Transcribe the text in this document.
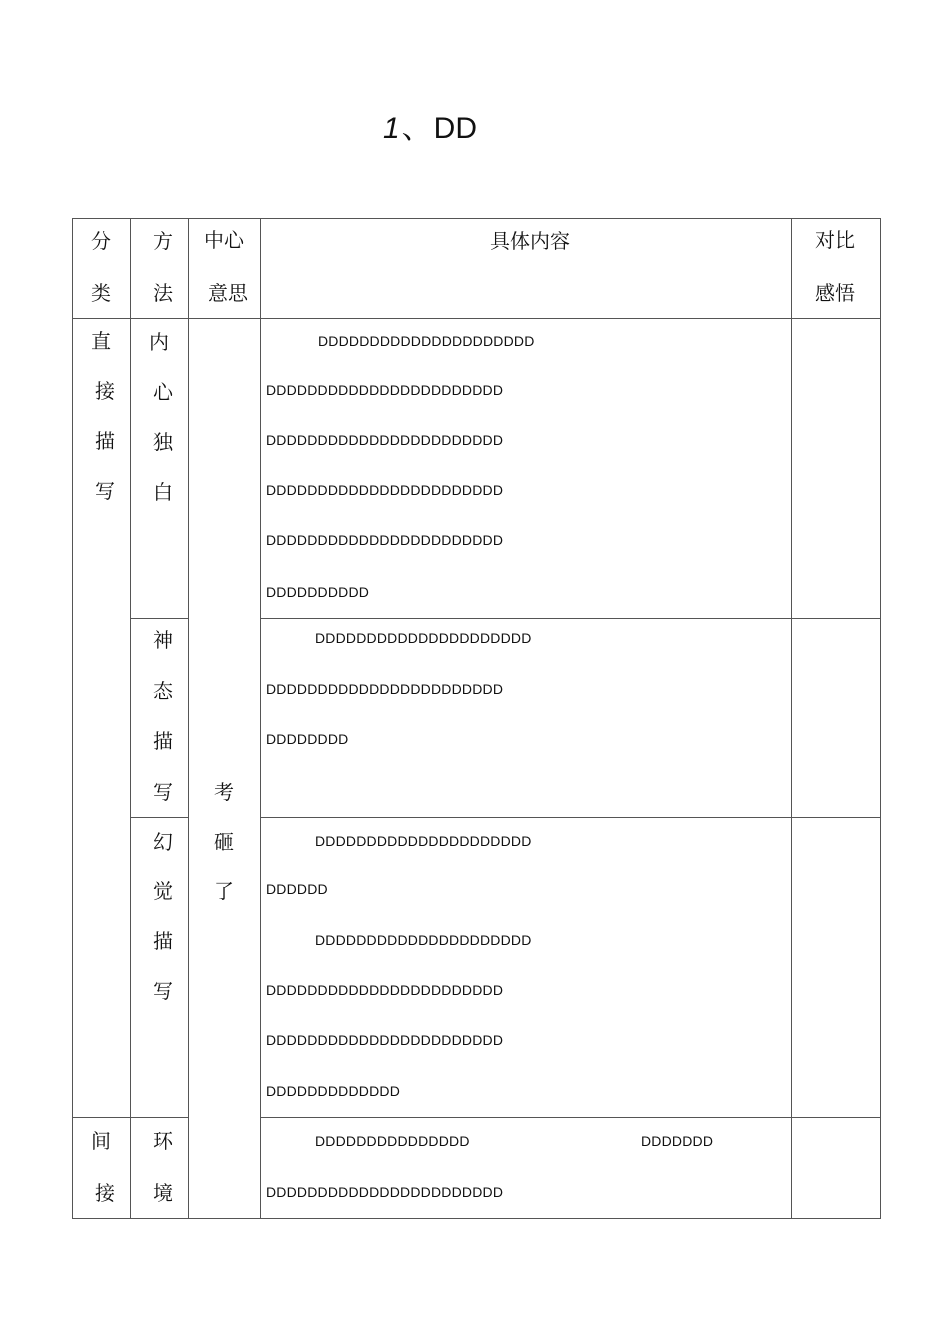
1、DD
分
类
方
法
中心
意思
具体内容	对比
感悟
直
接
描
写
间
接
内
心
独
白
神
态
描
写
幻
觉
描
写
环
境
考
砸
了
DDDDDDDDDDDDDDDDDDDDD
DDDDDDDDDDDDDDDDDDDDDDD
DDDDDDDDDDDDDDDDDDDDDDD
DDDDDDDDDDDDDDDDDDDDDDD
DDDDDDDDDDDDDDDDDDDDDDD
DDDDDDDDDD
DDDDDDDDDDDDDDDDDDDDD
DDDDDDDDDDDDDDDDDDDDDDD
DDDDDDDD
DDDDDDDDDDDDDDDDDDDDD
DDDDDD
DDDDDDDDDDDDDDDDDDDDD
DDDDDDDDDDDDDDDDDDDDDDD
DDDDDDDDDDDDDDDDDDDDDDD
DDDDDDDDDDDDD
DDDDDDDDDDDDDDD	DDDDDDD
DDDDDDDDDDDDDDDDDDDDDDD
